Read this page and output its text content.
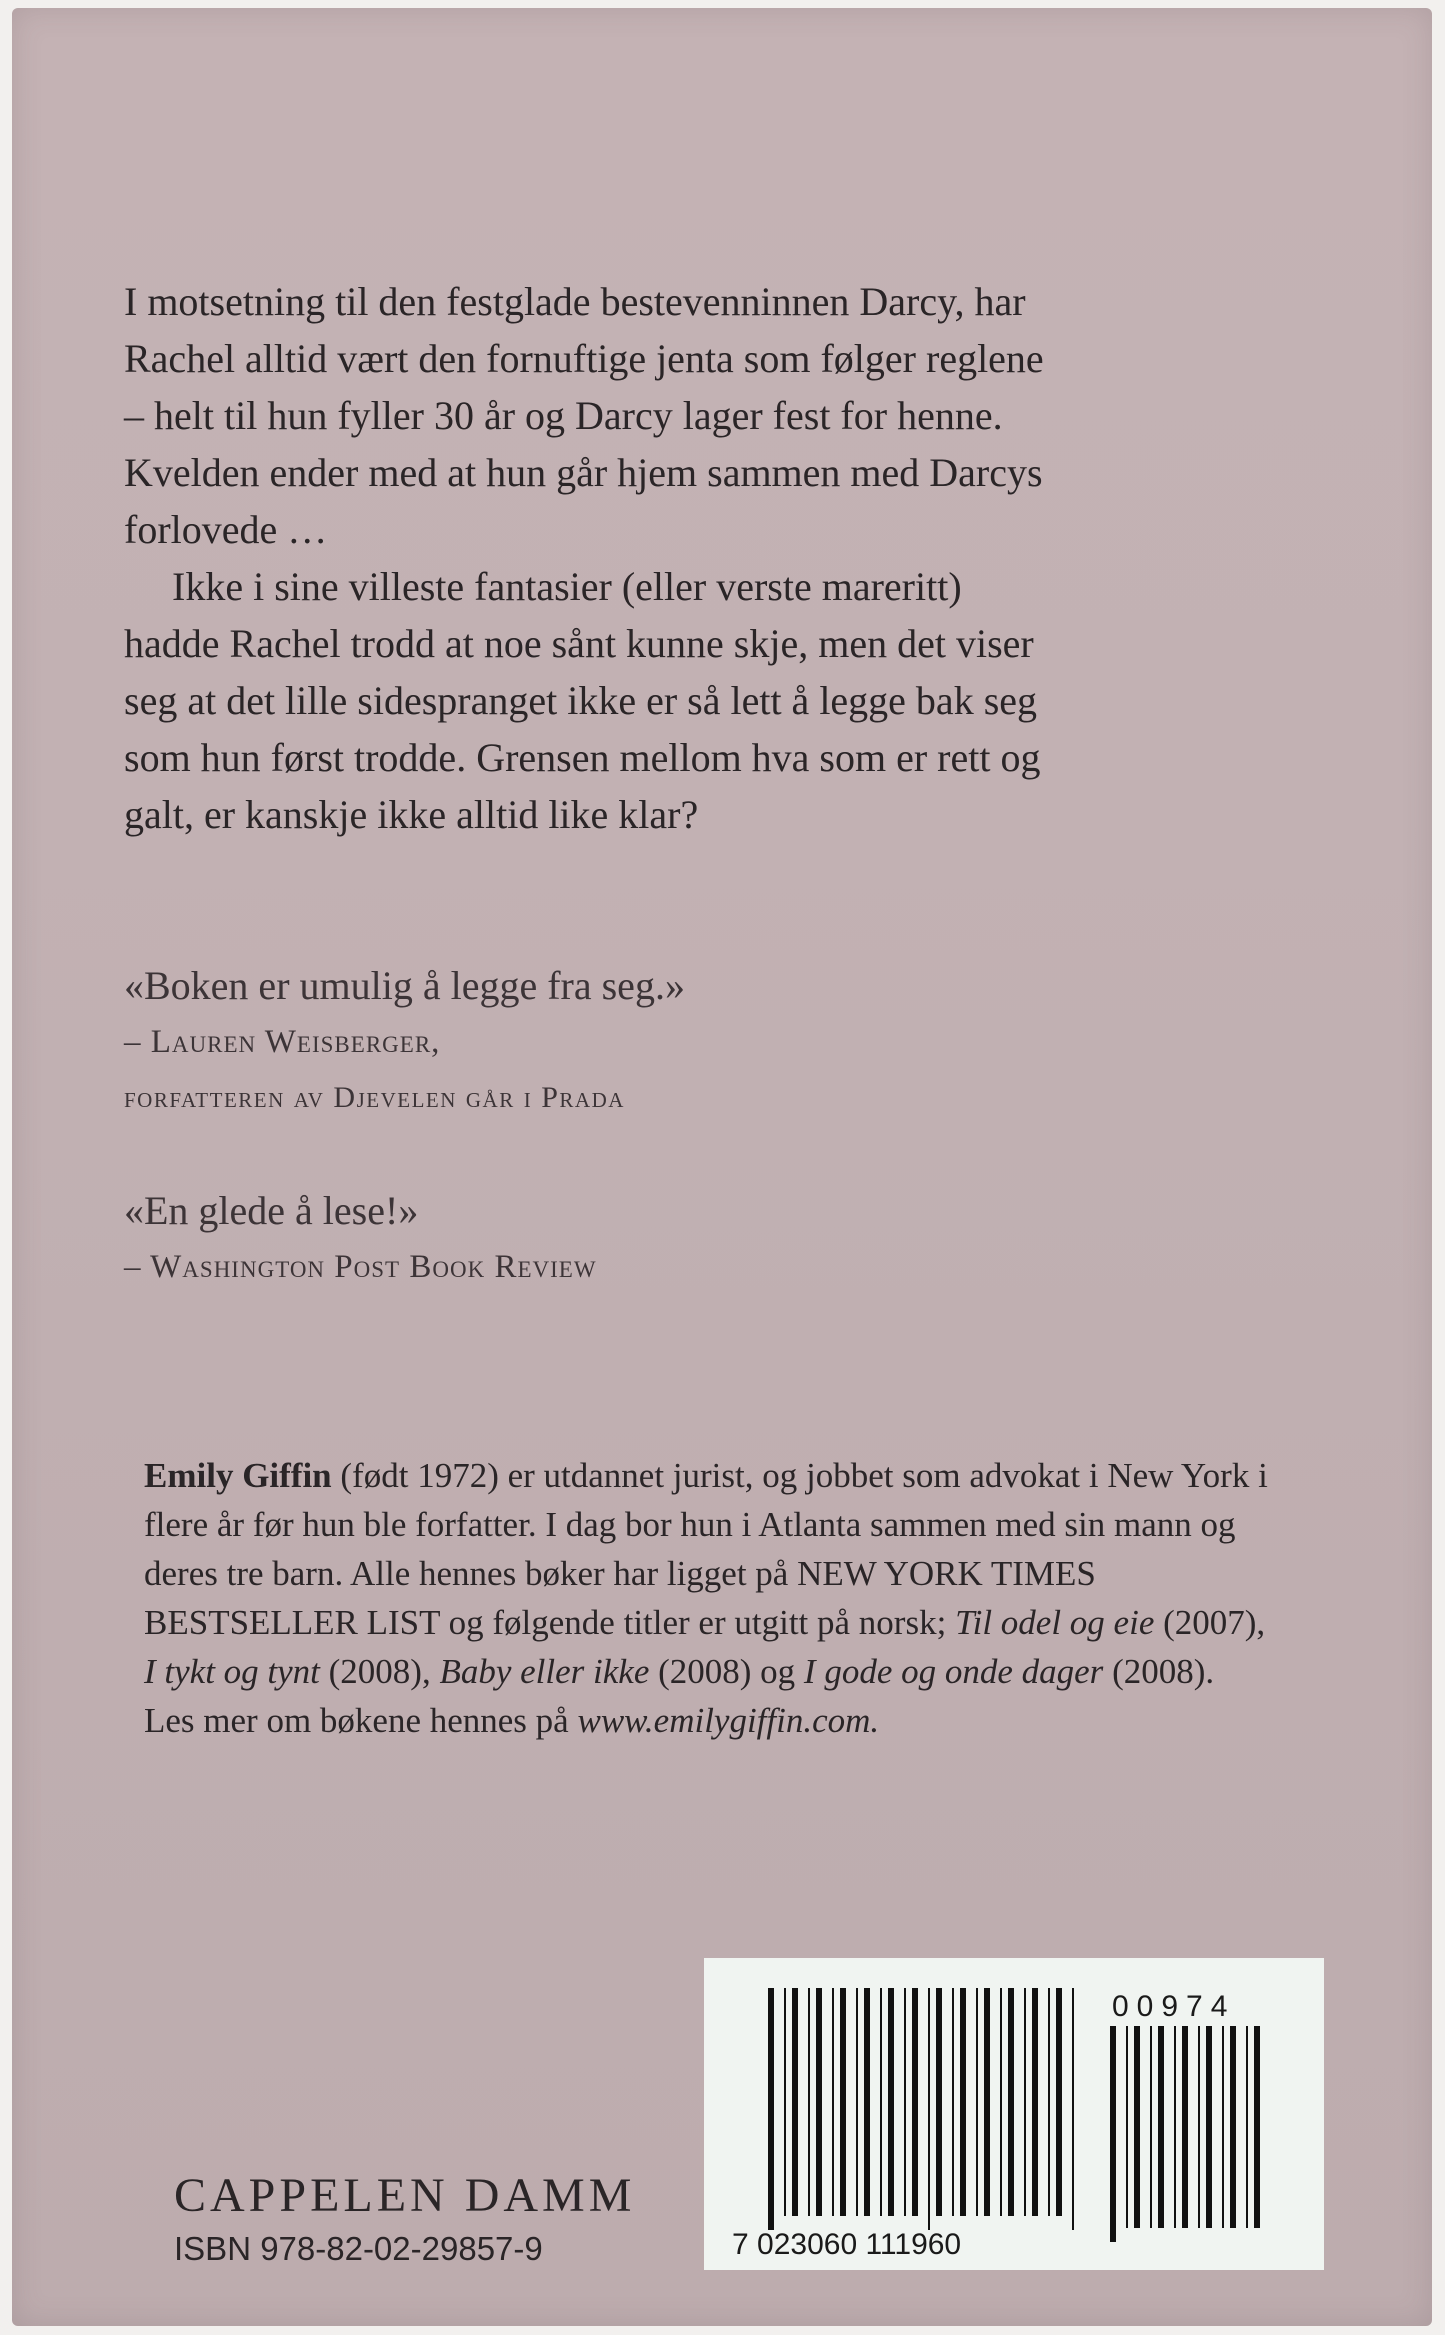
I motsetning til den festglade bestevenninnen Darcy, har
Rachel alltid vært den fornuftige jenta som følger reglene
– helt til hun fyller 30 år og Darcy lager fest for henne.
Kvelden ender med at hun går hjem sammen med Darcys
forlovede …

Ikke i sine villeste fantasier (eller verste mareritt)
hadde Rachel trodd at noe sånt kunne skje, men det viser
seg at det lille sidespranget ikke er så lett å legge bak seg
som hun først trodde. Grensen mellom hva som er rett og
galt, er kanskje ikke alltid like klar?

«Boken er umulig å legge fra seg.»
– Lauren Weisberger,
forfatteren av Djevelen går i Prada
«En glede å lese!»
– Washington Post Book Review
Emily Giffin (født 1972) er utdannet jurist, og jobbet som advokat i New York i flere år før hun ble forfatter. I dag bor hun i Atlanta sammen med sin mann og deres tre barn. Alle hennes bøker har ligget på NEW YORK TIMES BESTSELLER LIST og følgende titler er utgitt på norsk; Til odel og eie (2007), I tykt og tynt (2008), Baby eller ikke (2008) og I gode og onde dager (2008).
Les mer om bøkene hennes på www.emilygiffin.com.
7 023060 111960
00974
CAPPELEN DAMM
ISBN 978-82-02-29857-9
